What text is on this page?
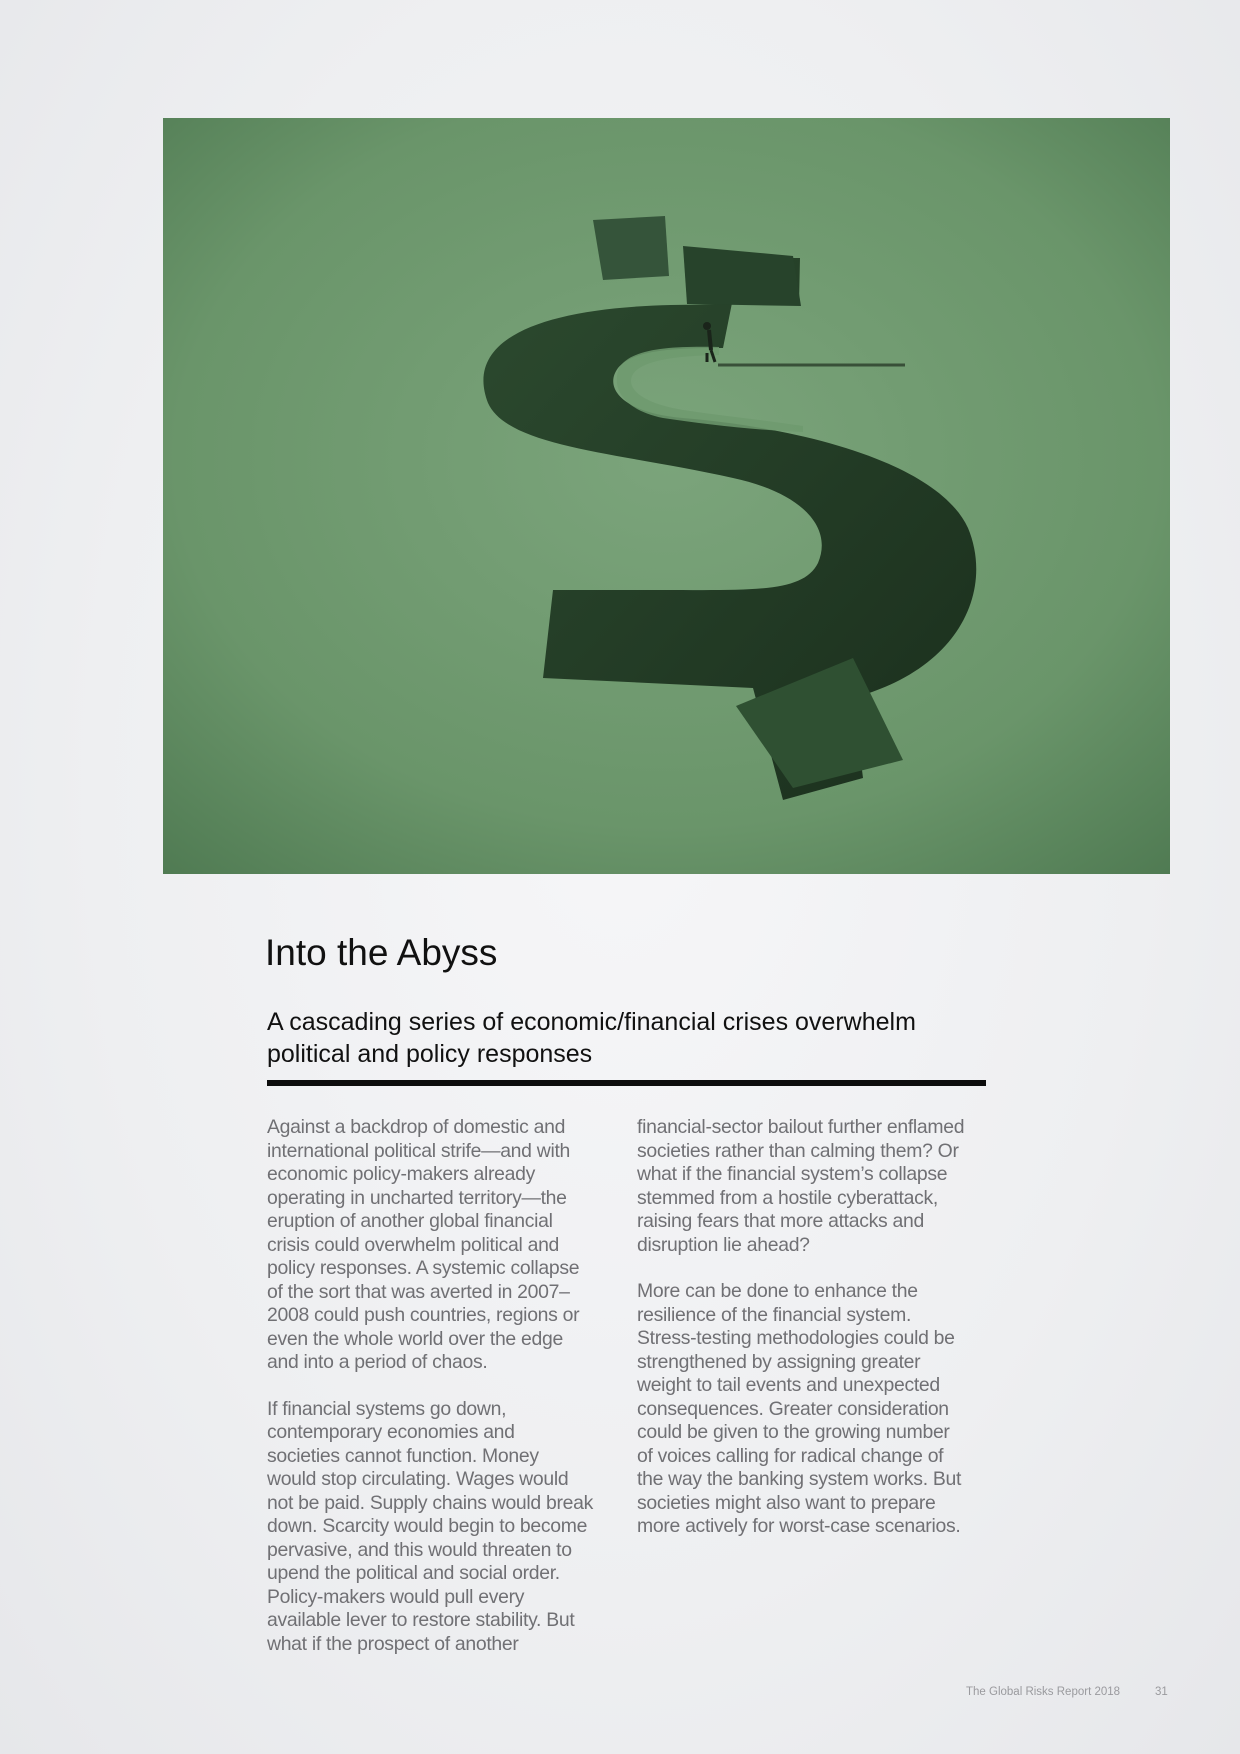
Into the Abyss
A cascading series of economic/financial crises overwhelm
political and policy responses

Against a backdrop of domestic and
international political strife—and with
economic policy-makers already
operating in uncharted territory—the
eruption of another global financial
crisis could overwhelm political and
policy responses. A systemic collapse
of the sort that was averted in 2007–
2008 could push countries, regions or
even the whole world over the edge
and into a period of chaos.

If financial systems go down,
contemporary economies and
societies cannot function. Money
would stop circulating. Wages would
not be paid. Supply chains would break
down. Scarcity would begin to become
pervasive, and this would threaten to
upend the political and social order.
Policy-makers would pull every
available lever to restore stability. But
what if the prospect of another

financial-sector bailout further enflamed
societies rather than calming them? Or
what if the financial system’s collapse
stemmed from a hostile cyberattack,
raising fears that more attacks and
disruption lie ahead?

More can be done to enhance the
resilience of the financial system.
Stress-testing methodologies could be
strengthened by assigning greater
weight to tail events and unexpected
consequences. Greater consideration
could be given to the growing number
of voices calling for radical change of
the way the banking system works. But
societies might also want to prepare
more actively for worst-case scenarios.

The Global Risks Report 2018	31
